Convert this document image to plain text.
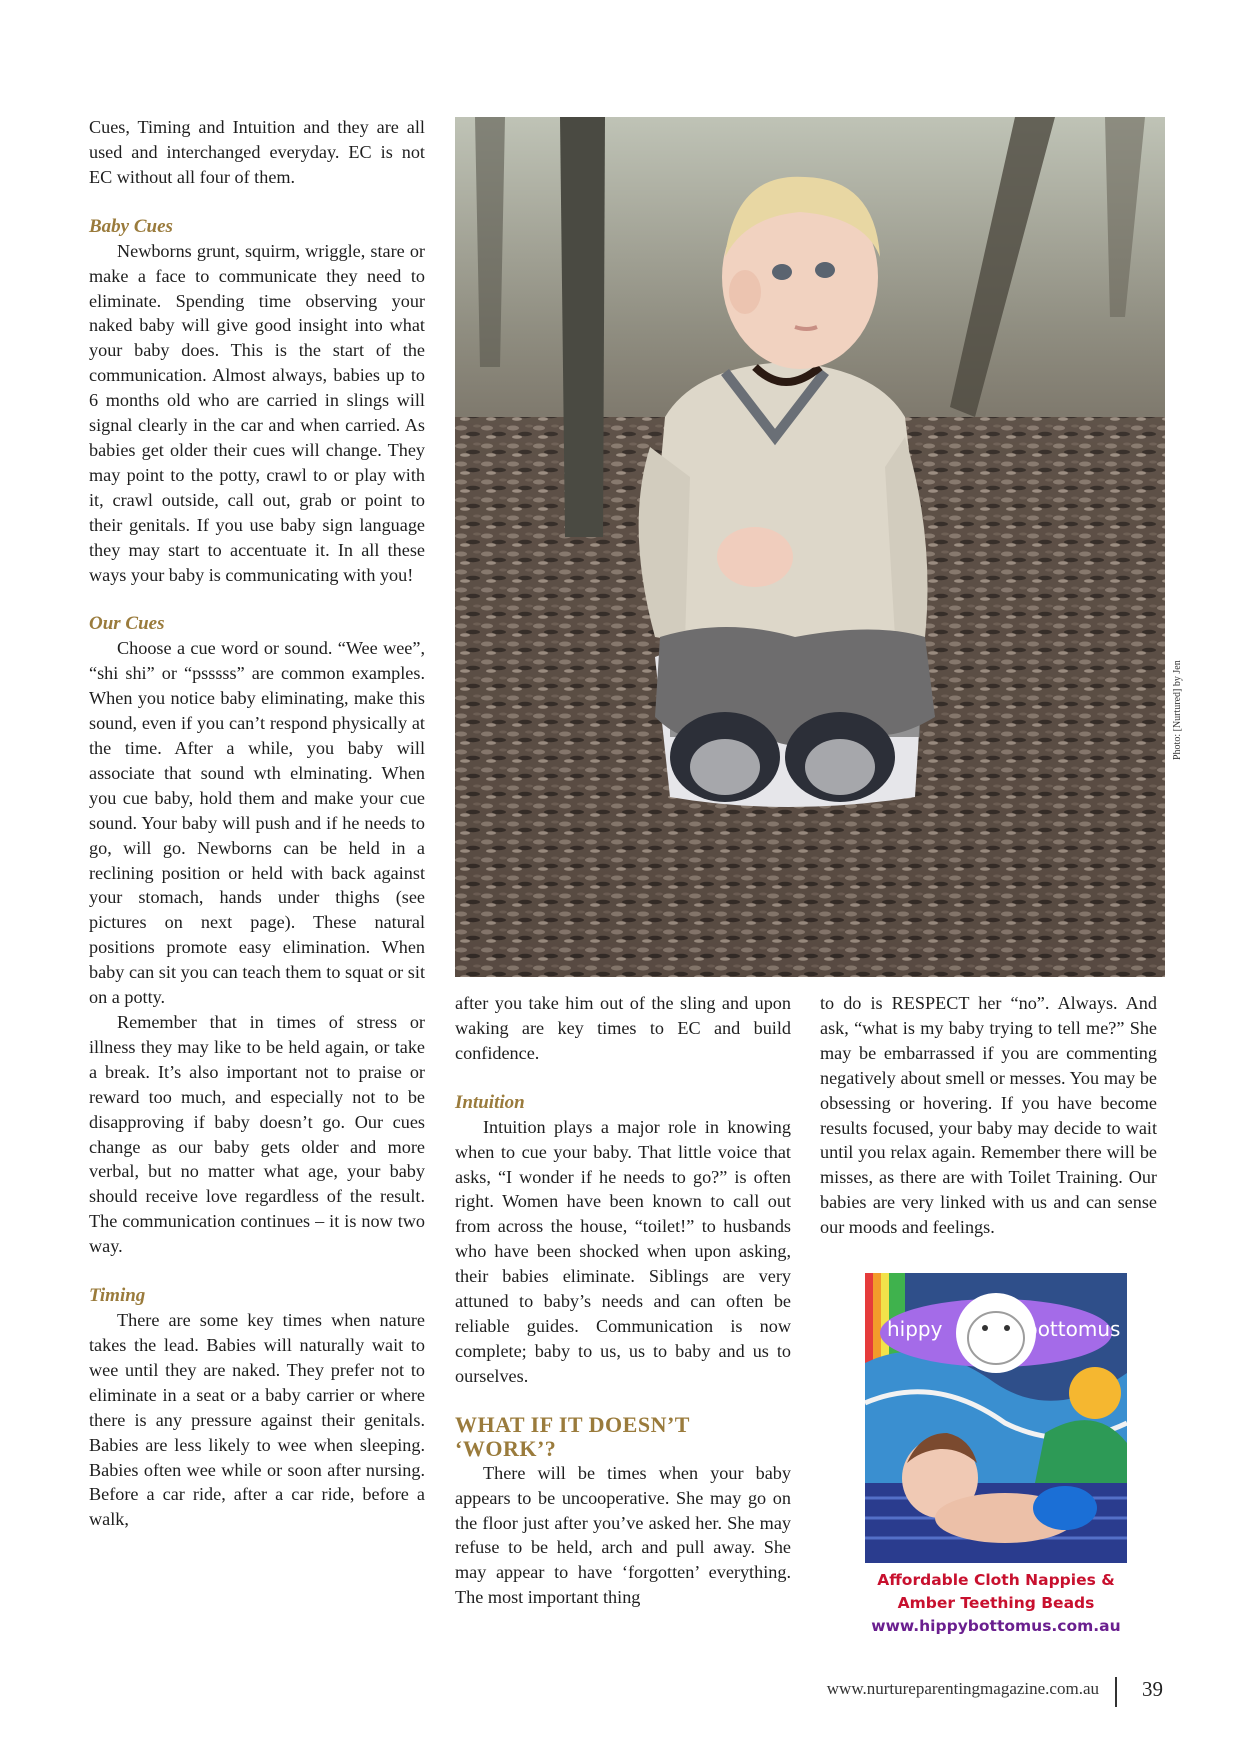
Cues, Timing and Intuition and they are all used and interchanged everyday. EC is not EC without all four of them.

Baby Cues

Newborns grunt, squirm, wriggle, stare or make a face to communicate they need to eliminate. Spending time observing your naked baby will give good insight into what your baby does. This is the start of the communication. Almost always, babies up to 6 months old who are carried in slings will signal clearly in the car and when carried. As babies get older their cues will change. They may point to the potty, crawl to or play with it, crawl outside, call out, grab or point to their genitals. If you use baby sign language they may start to accentuate it. In all these ways your baby is communicating with you!

Our Cues

Choose a cue word or sound. “Wee wee”, “shi shi” or “psssss” are common examples. When you notice baby eliminating, make this sound, even if you can’t respond physically at the time. After a while, you baby will associate that sound wth elminating. When you cue baby, hold them and make your cue sound. Your baby will push and if he needs to go, will go. Newborns can be held in a reclining position or held with back against your stomach, hands under thighs (see pictures on next page). These natural positions promote easy elimination. When baby can sit you can teach them to squat or sit on a potty.

Remember that in times of stress or illness they may like to be held again, or take a break. It’s also important not to praise or reward too much, and especially not to be disapproving if baby doesn’t go. Our cues change as our baby gets older and more verbal, but no matter what age, your baby should receive love regardless of the result. The communication continues – it is now two way.

Timing

There are some key times when nature takes the lead. Babies will naturally wait to wee until they are naked. They prefer not to eliminate in a seat or a baby carrier or where there is any pressure against their genitals. Babies are less likely to wee when sleeping. Babies often wee while or soon after nursing. Before a car ride, after a car ride, before a walk,

after you take him out of the sling and upon waking are key times to EC and build confidence.

Intuition

Intuition plays a major role in knowing when to cue your baby. That little voice that asks, “I wonder if he needs to go?” is often right. Women have been known to call out from across the house, “toilet!” to husbands who have been shocked when upon asking, their babies eliminate. Siblings are very attuned to baby’s needs and can often be reliable guides. Communication is now complete; baby to us, us to baby and us to ourselves.

WHAT IF IT DOESN’T
‘WORK’?

There will be times when your baby appears to be uncooperative. She may go on the floor just after you’ve asked her. She may refuse to be held, arch and pull away. She may appear to have ‘forgotten’ everything. The most important thing

to do is RESPECT her “no”. Always. And ask, “what is my baby trying to tell me?” She may be embarrassed if you are commenting negatively about smell or messes. You may be obsessing or hovering. If you have become results focused, your baby may decide to wait until you relax again. Remember there will be misses, as there are with Toilet Training. Our babies are very linked with us and can sense our moods and feelings.

Photo: [Nurtured] by Jen
hippy	bottomus
Affordable Cloth Nappies &
Amber Teething Beads
www.hippybottomus.com.au
www.nurtureparentingmagazine.com.au 39
